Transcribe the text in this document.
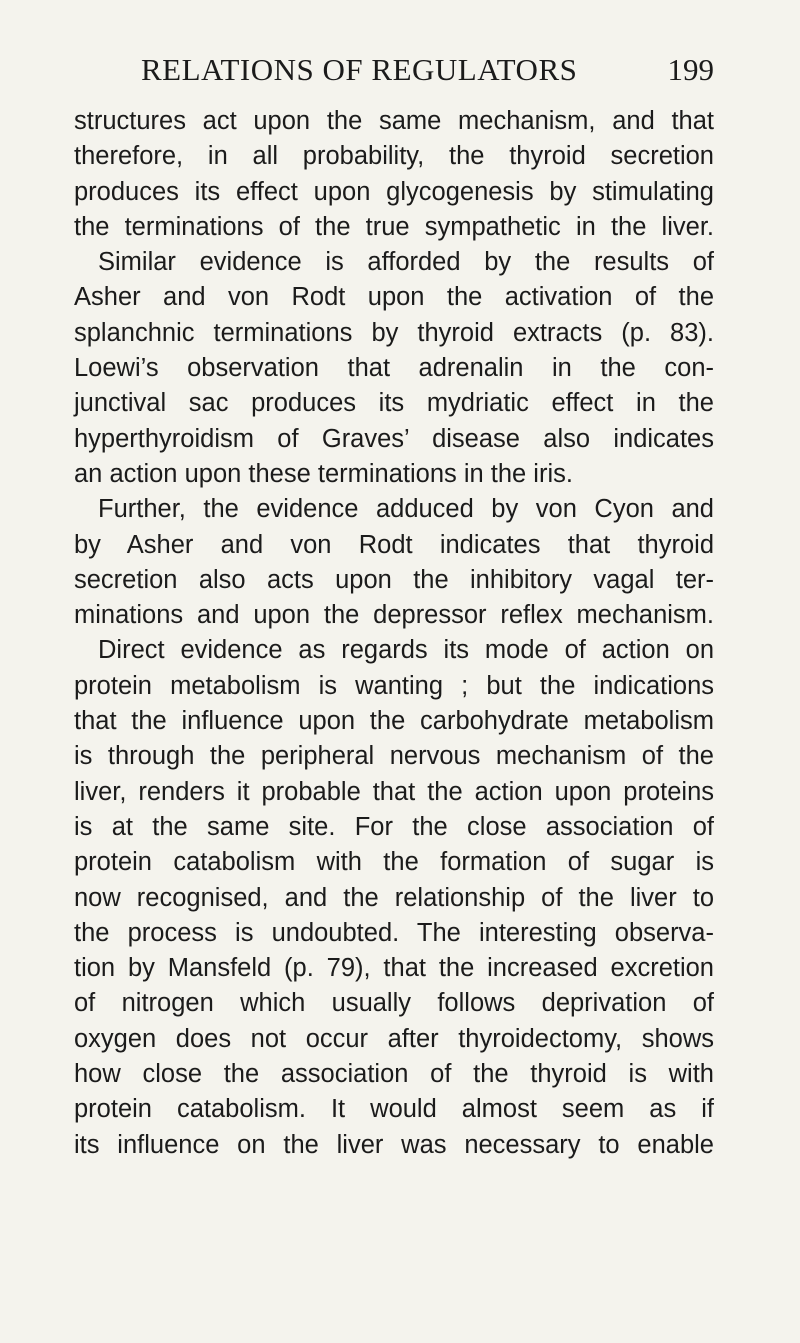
RELATIONS OF REGULATORS	199
structures act upon the same mechanism, and that
therefore, in all probability, the thyroid secretion
produces its effect upon glycogenesis by stimulating
the terminations of the true sympathetic in the liver.
Similar evidence is afforded by the results of
Asher and von Rodt upon the activation of the
splanchnic terminations by thyroid extracts (p. 83).
Loewi’s observation that adrenalin in the con-
junctival sac produces its mydriatic effect in the
hyperthyroidism of Graves’ disease also indicates
an action upon these terminations in the iris.
Further, the evidence adduced by von Cyon and
by Asher and von Rodt indicates that thyroid
secretion also acts upon the inhibitory vagal ter-
minations and upon the depressor reflex mechanism.
Direct evidence as regards its mode of action on
protein metabolism is wanting ; but the indications
that the influence upon the carbohydrate metabolism
is through the peripheral nervous mechanism of the
liver, renders it probable that the action upon proteins
is at the same site. For the close association of
protein catabolism with the formation of sugar is
now recognised, and the relationship of the liver to
the process is undoubted. The interesting observa-
tion by Mansfeld (p. 79), that the increased excretion
of nitrogen which usually follows deprivation of
oxygen does not occur after thyroidectomy, shows
how close the association of the thyroid is with
protein catabolism. It would almost seem as if
its influence on the liver was necessary to enable
